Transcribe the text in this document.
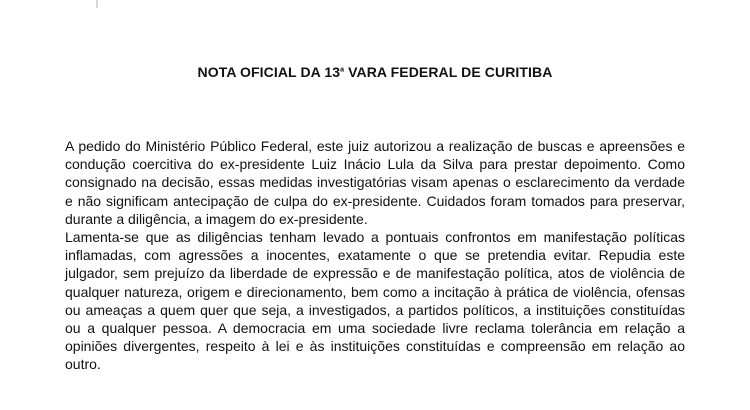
NOTA OFICIAL DA 13$^a$ VARA FEDERAL DE CURITIBA

A pedido do Ministério Público Federal, este juiz autorizou a realização de buscas e apreensões e condução coercitiva do ex-presidente Luiz Inácio Lula da Silva para prestar depoimento. Como consignado na decisão, essas medidas investigatórias visam apenas o esclarecimento da verdade e não significam antecipação de culpa do ex-presidente. Cuidados foram tomados para preservar, durante a diligência, a imagem do ex-presidente.

Lamenta-se que as diligências tenham levado a pontuais confrontos em manifestação políticas inflamadas, com agressões a inocentes, exatamente o que se pretendia evitar. Repudia este julgador, sem prejuízo da liberdade de expressão e de manifestação política, atos de violência de qualquer natureza, origem e direcionamento, bem como a incitação à prática de violência, ofensas ou ameaças a quem quer que seja, a investigados, a partidos políticos, a instituições constituídas ou a qualquer pessoa. A democracia em uma sociedade livre reclama tolerância em relação a opiniões divergentes, respeito à lei e às instituições constituídas e compreensão em relação ao outro.
